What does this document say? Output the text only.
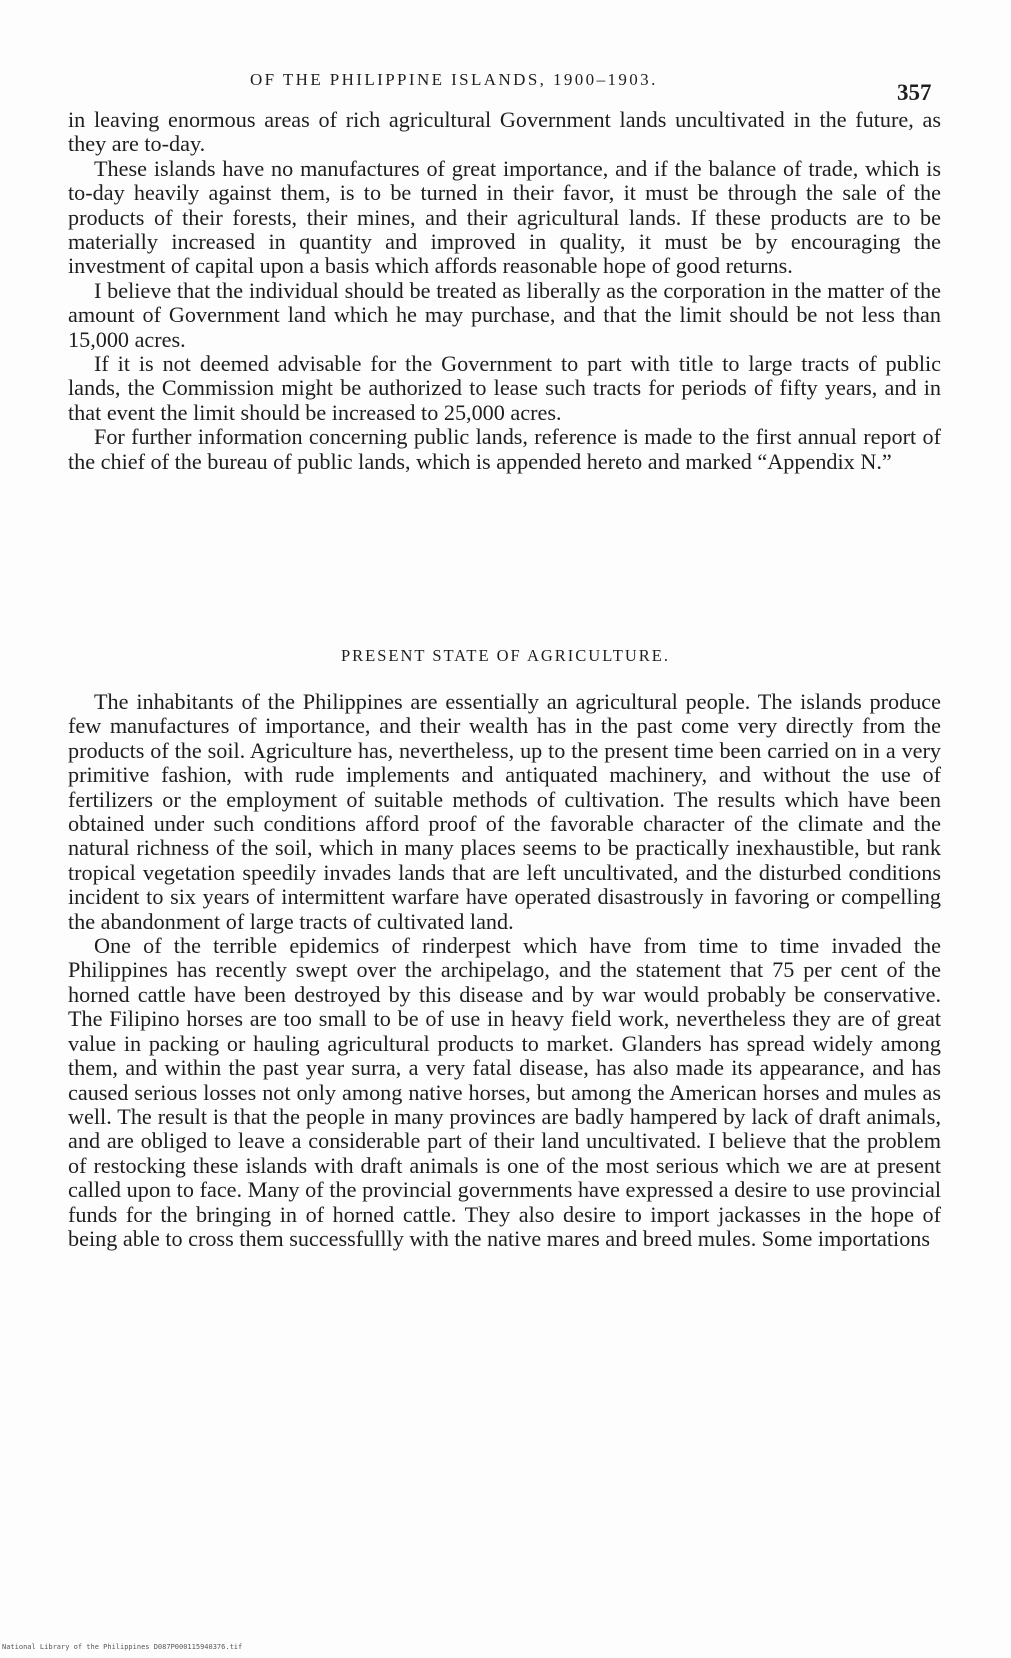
OF THE PHILIPPINE ISLANDS, 1900–1903.
357

in leaving enormous areas of rich agricultural Government lands uncultivated in the future, as they are to-day.

These islands have no manufactures of great importance, and if the balance of trade, which is to-day heavily against them, is to be turned in their favor, it must be through the sale of the products of their forests, their mines, and their agricultural lands. If these products are to be materially increased in quantity and improved in quality, it must be by encouraging the investment of capital upon a basis which affords reasonable hope of good returns.

I believe that the individual should be treated as liberally as the corporation in the matter of the amount of Government land which he may purchase, and that the limit should be not less than 15,000 acres.

If it is not deemed advisable for the Government to part with title to large tracts of public lands, the Commission might be authorized to lease such tracts for periods of fifty years, and in that event the limit should be increased to 25,000 acres.

For further information concerning public lands, reference is made to the first annual report of the chief of the bureau of public lands, which is appended hereto and marked “Appendix N.”

PRESENT STATE OF AGRICULTURE.

The inhabitants of the Philippines are essentially an agricultural people. The islands produce few manufactures of importance, and their wealth has in the past come very directly from the products of the soil. Agriculture has, nevertheless, up to the present time been carried on in a very primitive fashion, with rude implements and antiquated machinery, and without the use of fertilizers or the employment of suitable methods of cultivation. The results which have been obtained under such conditions afford proof of the favorable character of the climate and the natural richness of the soil, which in many places seems to be practically inexhaustible, but rank tropical vegetation speedily invades lands that are left uncultivated, and the disturbed conditions incident to six years of intermittent warfare have operated disastrously in favoring or compelling the abandonment of large tracts of cultivated land.

One of the terrible epidemics of rinderpest which have from time to time invaded the Philippines has recently swept over the archipelago, and the statement that 75 per cent of the horned cattle have been destroyed by this disease and by war would probably be conservative. The Filipino horses are too small to be of use in heavy field work, nevertheless they are of great value in packing or hauling agricultural products to market. Glanders has spread widely among them, and within the past year surra, a very fatal disease, has also made its appearance, and has caused serious losses not only among native horses, but among the American horses and mules as well. The result is that the people in many provinces are badly hampered by lack of draft animals, and are obliged to leave a considerable part of their land uncultivated. I believe that the problem of restocking these islands with draft animals is one of the most serious which we are at present called upon to face. Many of the provincial governments have expressed a desire to use provincial funds for the bringing in of horned cattle. They also desire to import jackasses in the hope of being able to cross them successfullly with the native mares and breed mules. Some importations

National Library of the Philippines D087P000115940376.tif
